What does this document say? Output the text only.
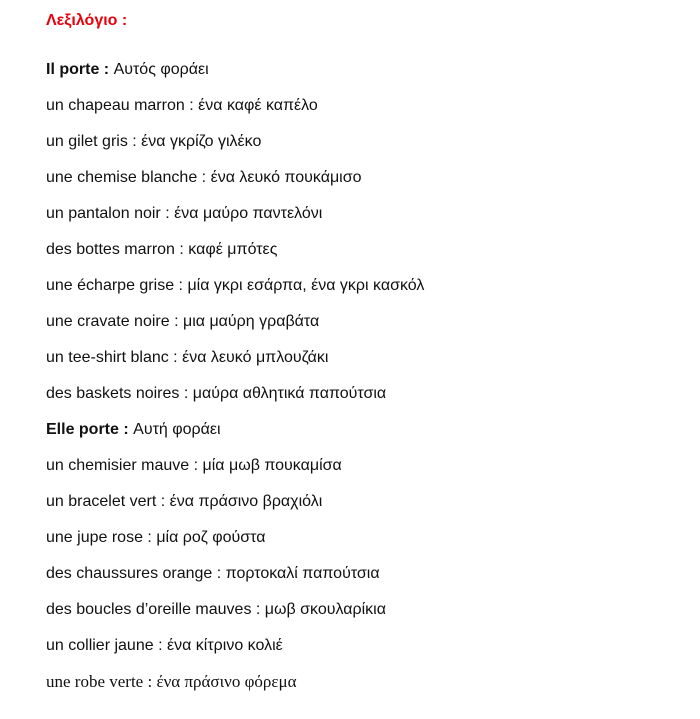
Λεξιλόγιο :
Il porte : Αυτός φοράει
un chapeau marron : ένα καφέ καπέλο
un gilet gris : ένα γκρίζο γιλέκο
une chemise blanche : ένα λευκό πουκάμισο
un pantalon noir : ένα μαύρο παντελόνι
des bottes marron : καφέ μπότες
une écharpe grise : μία γκρι εσάρπα, ένα γκρι κασκόλ
une cravate noire : μια μαύρη γραβάτα
un tee-shirt blanc : ένα λευκό μπλουζάκι
des baskets noires : μαύρα αθλητικά παπούτσια
Elle porte : Αυτή φοράει
un chemisier mauve : μία μωβ πουκαμίσα
un bracelet vert : ένα πράσινο βραχιόλι
une jupe rose : μία ροζ φούστα
des chaussures orange : πορτοκαλί παπούτσια
des boucles d’oreille mauves : μωβ σκουλαρίκια
un collier jaune : ένα κίτρινο κολιέ
une robe verte : ένα πράσινο φόρεμα
